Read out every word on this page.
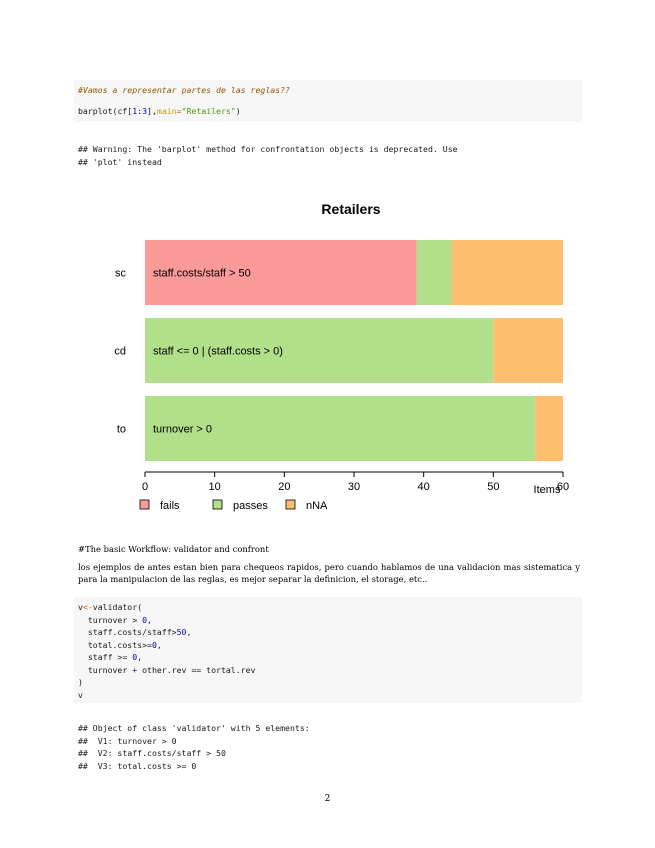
#Vamos a representar partes de las reglas??
barplot(cf[1:3],main="Retailers")
## Warning: The 'barplot' method for confrontation objects is deprecated. Use
## 'plot' instead
Retailers
sc staff.costs/staff > 50
cd staff <= 0 | (staff.costs > 0)
to turnover > 0
0	10	20	30	40	50	60
Items
fails	passes	nNA
#The basic Workflow: validator and confront
los ejemplos de antes estan bien para chequeos rapidos, pero cuando hablamos de una validacion mas sistematica y para la manipulacion de las reglas, es mejor separar la definicion, el storage, etc..
v<-validator(
turnover > 0,
staff.costs/staff>50,
total.costs>=0,
staff >= 0,
turnover + other.rev == tortal.rev
)
v
## Object of class 'validator' with 5 elements:
##  V1: turnover > 0
##  V2: staff.costs/staff > 50
##  V3: total.costs >= 0
2
